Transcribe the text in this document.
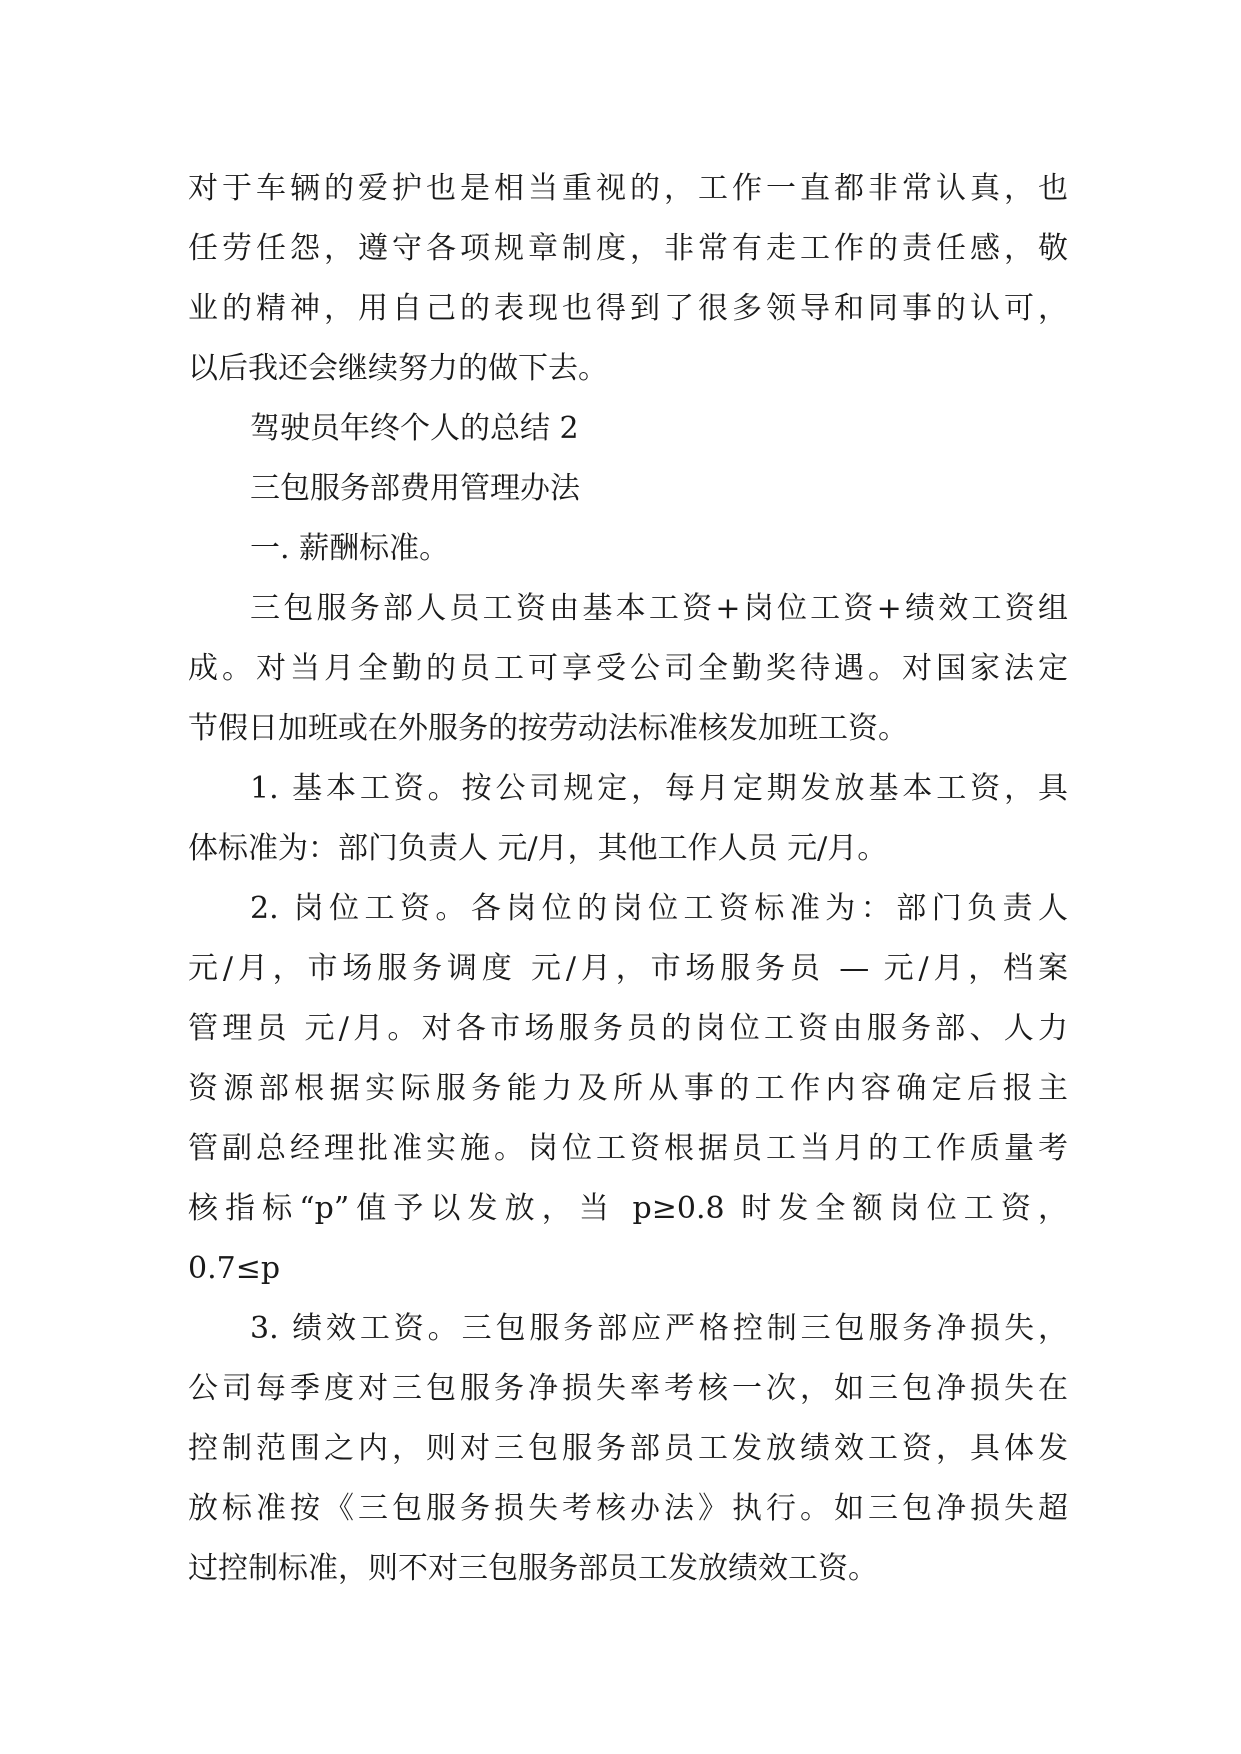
对于车辆的爱护也是相当重视的，工作一直都非常认真，也
任劳任怨，遵守各项规章制度，非常有走工作的责任感，敬
业的精神，用自己的表现也得到了很多领导和同事的认可，
以后我还会继续努力的做下去。
驾驶员年终个人的总结 2
三包服务部费用管理办法
一. 薪酬标准。
三包服务部人员工资由基本工资+岗位工资+绩效工资组
成。对当月全勤的员工可享受公司全勤奖待遇。对国家法定
节假日加班或在外服务的按劳动法标准核发加班工资。
1. 基本工资。按公司规定，每月定期发放基本工资，具
体标准为：部门负责人 元/月，其他工作人员 元/月。
2. 岗位工资。各岗位的岗位工资标准为：部门负责人
元/月，市场服务调度 元/月，市场服务员 — 元/月，档案
管理员 元/月。对各市场服务员的岗位工资由服务部、人力
资源部根据实际服务能力及所从事的工作内容确定后报主
管副总经理批准实施。岗位工资根据员工当月的工作质量考
核指标“p”值予以发放，当 p≥0.8 时发全额岗位工资，
0.7≤p
3. 绩效工资。三包服务部应严格控制三包服务净损失，
公司每季度对三包服务净损失率考核一次，如三包净损失在
控制范围之内，则对三包服务部员工发放绩效工资，具体发
放标准按《三包服务损失考核办法》执行。如三包净损失超
过控制标准，则不对三包服务部员工发放绩效工资。
